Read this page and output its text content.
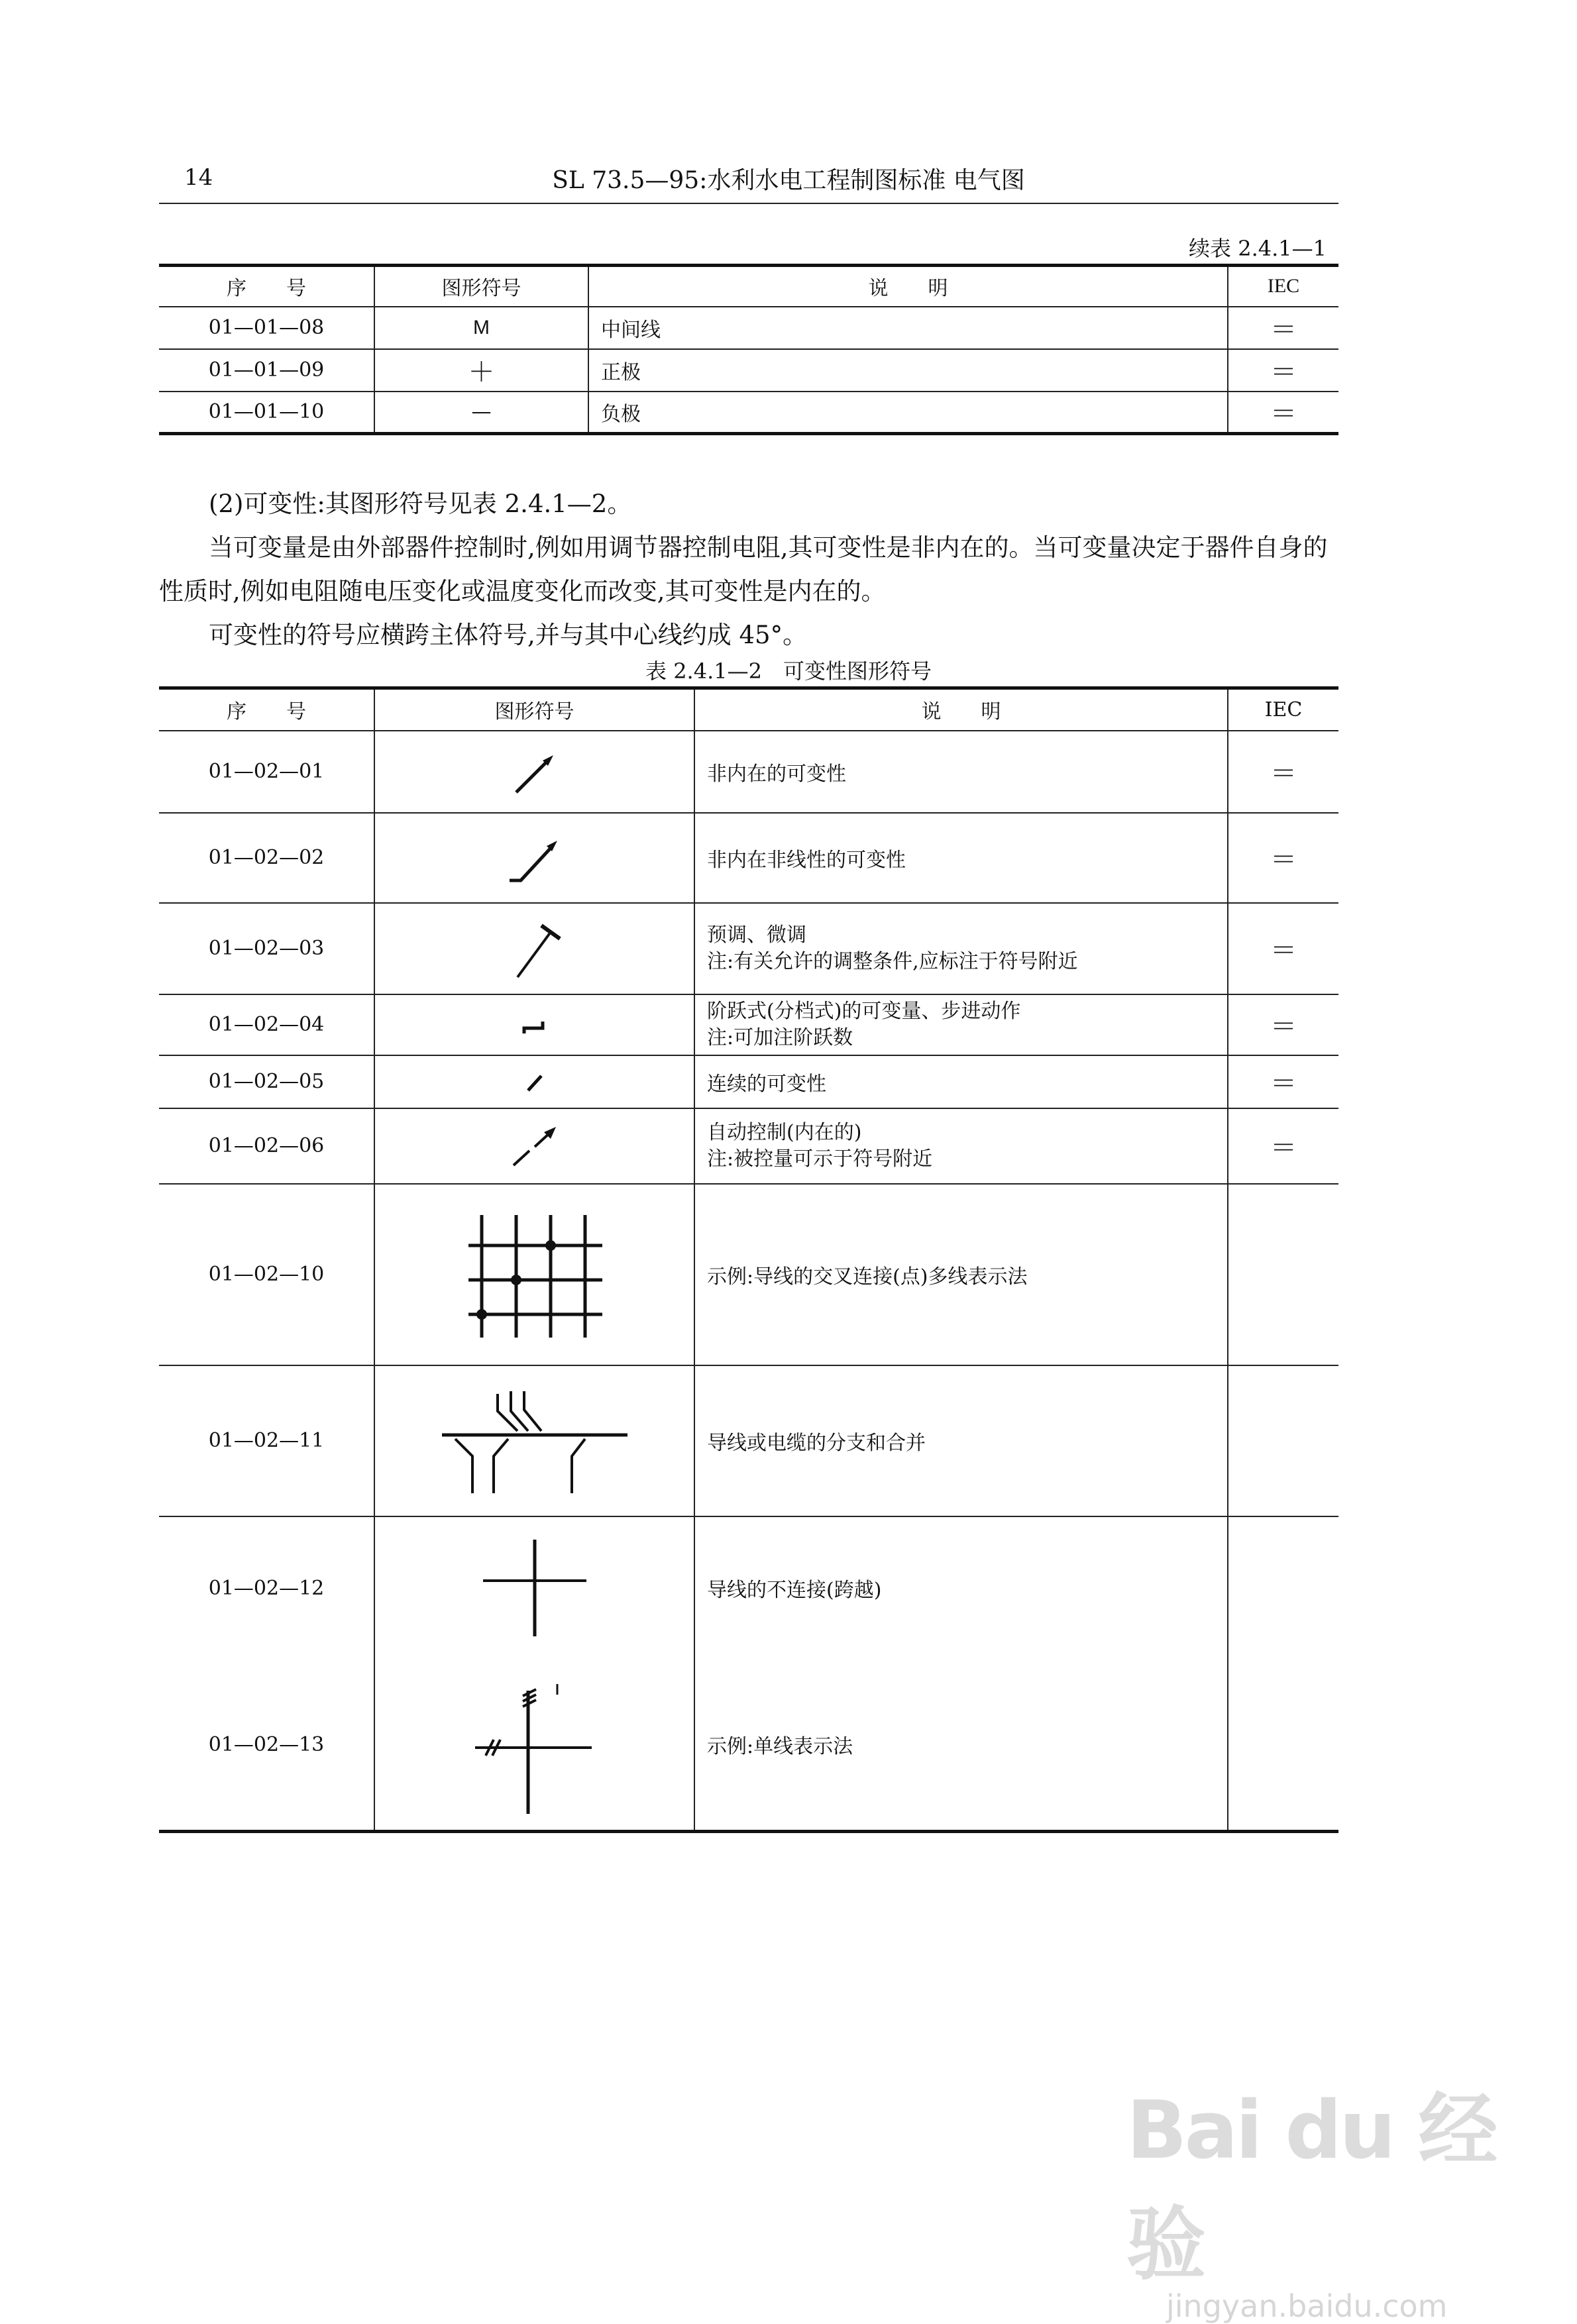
14	SL 73.5—95:水利水电工程制图标准 电气图
续表 2.4.1—1
序　　号	图形符号	说　　明	IEC
01—01—08	M	中间线	＝
01—01—09	＋	正极	＝
01—01—10	—	负极	＝

(2)可变性:其图形符号见表 2.4.1—2。

当可变量是由外部器件控制时,例如用调节器控制电阻,其可变性是非内在的。当可变量决定于器件自身的性质时,例如电阻随电压变化或温度变化而改变,其可变性是内在的。

可变性的符号应横跨主体符号,并与其中心线约成 45°。

表 2.4.1—2　可变性图形符号
序　　号	图形符号	说　　明	IEC
01—02—01		非内在的可变性	＝
01—02—02		非内在非线性的可变性	＝
01—02—03		预调、微调
注:有关允许的调整条件,应标注于符号附近	＝
01—02—04		阶跃式(分档式)的可变量、步进动作
注:可加注阶跃数	＝
01—02—05		连续的可变性	＝
01—02—06		自动控制(内在的)
注:被控量可示于符号附近	＝
01—02—10		示例:导线的交叉连接(点)多线表示法	
01—02—11		导线或电缆的分支和合并	
01—02—12		导线的不连接(跨越)	
01—02—13		示例:单线表示法	
Bai du 经验
jingyan.baidu.com
